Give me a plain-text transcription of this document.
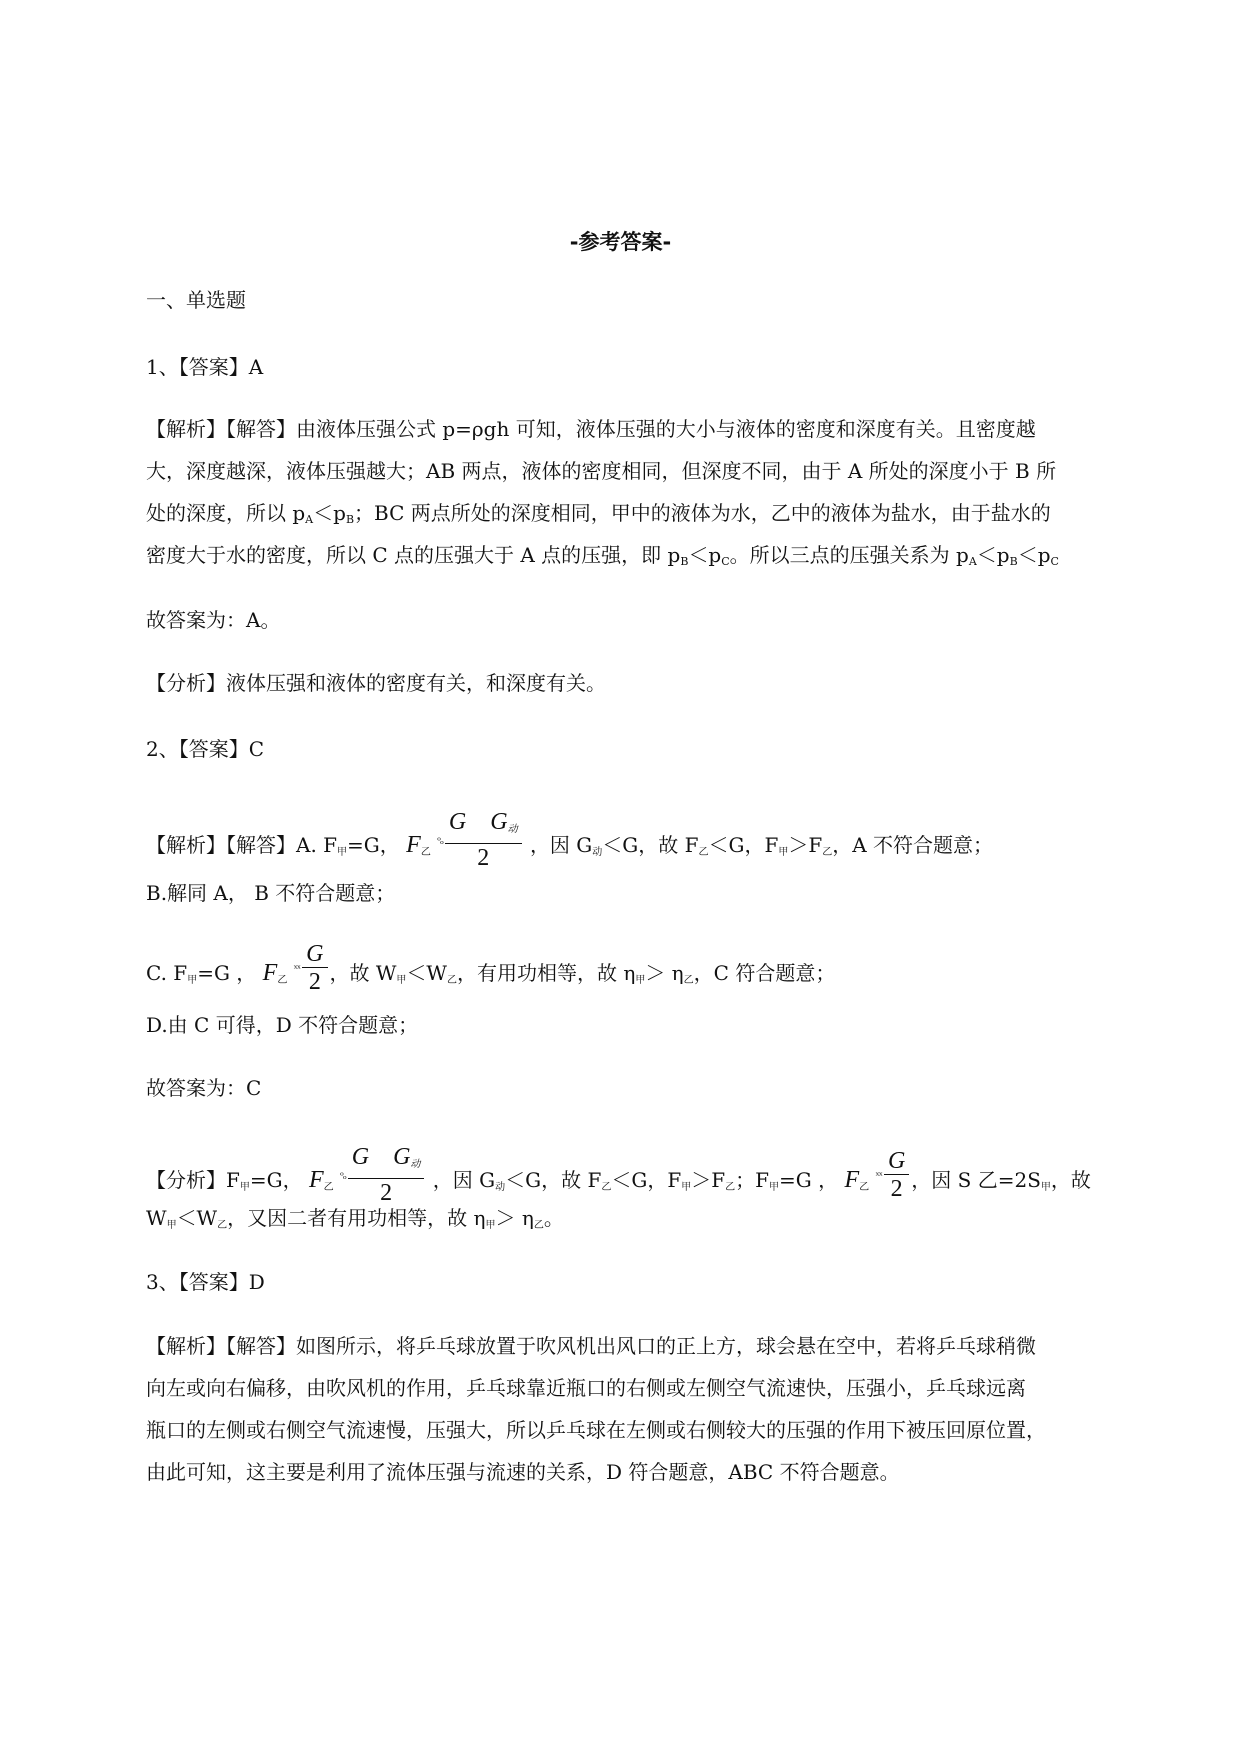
-参考答案-
一、单选题
1、【答案】A
【解析】【解答】由液体压强公式 p=ρgh 可知，液体压强的大小与液体的密度和深度有关。且密度越
大，深度越深，液体压强越大；AB 两点，液体的密度相同，但深度不同，由于 A 所处的深度小于 B 所
处的深度，所以 $p_A<p_B$；BC 两点所处的深度相同，甲中的液体为水，乙中的液体为盐水，由于盐水的
密度大于水的密度，所以 C 点的压强大于 A 点的压强，即 $p_B<p_C$。所以三点的压强关系为 $p_A<p_B<p_C$
故答案为：A。
【分析】液体压强和液体的密度有关，和深度有关。
2、【答案】C
【解析】【解答】A. F甲=G， F乙 $^{ᵒ_o} \frac{\text{G G动}}{2}$ ，因 G动＜G，故 F乙＜G，F甲＞F乙，A 不符合题意；
B.解同 A， B 不符合题意；
C. F甲=G ， F乙 $^{ˣˣ} \frac{G}{2}$ ，故 W甲＜W乙，有用功相等，故 η甲＞ η乙，C 符合题意；
D.由 C 可得，D 不符合题意；
故答案为：C
【分析】F甲=G， F乙 $^{ᵒ_o} \frac{\text{G G动}}{2}$ ，因 G动＜G，故 F乙＜G，F甲＞F乙；F甲=G ， F乙 $^{ˣˣ} \frac{G}{2}$ ，因 S 乙=2S甲，故
W甲＜W乙，又因二者有用功相等，故 η甲＞ η乙。
3、【答案】D
【解析】【解答】如图所示，将乒乓球放置于吹风机出风口的正上方，球会悬在空中，若将乒乓球稍微
向左或向右偏移，由吹风机的作用，乒乓球靠近瓶口的右侧或左侧空气流速快，压强小，乒乓球远离
瓶口的左侧或右侧空气流速慢，压强大，所以乒乓球在左侧或右侧较大的压强的作用下被压回原位置，
由此可知，这主要是利用了流体压强与流速的关系，D 符合题意，ABC 不符合题意。
